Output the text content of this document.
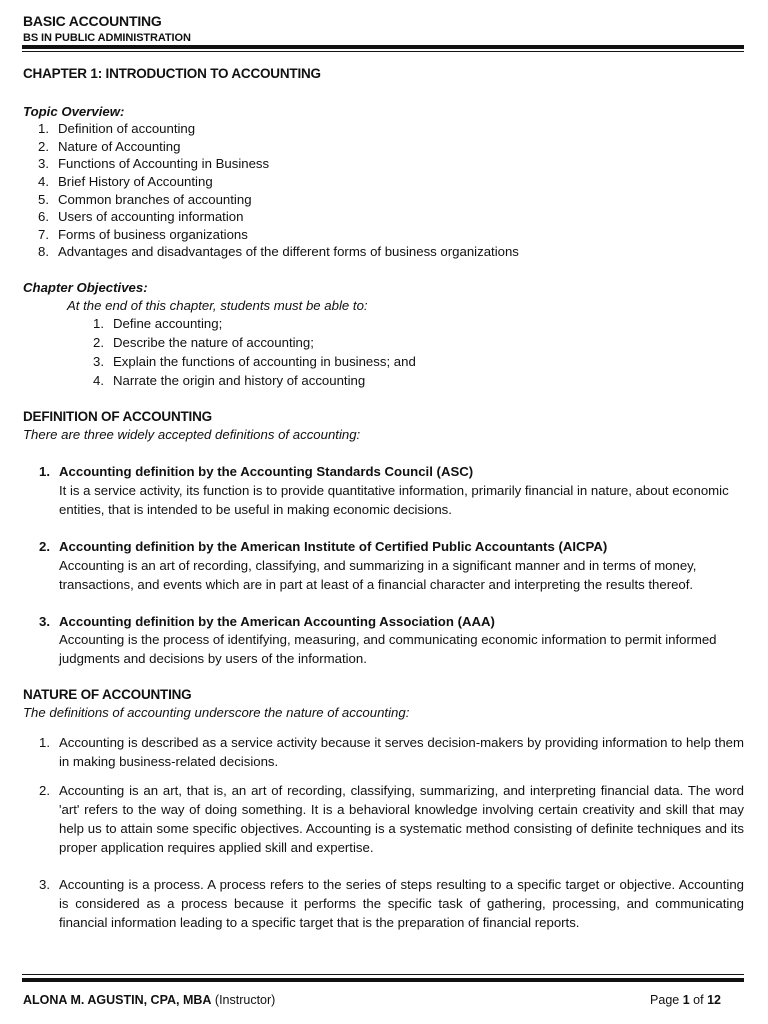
BASIC ACCOUNTING
BS IN PUBLIC ADMINISTRATION
CHAPTER 1: INTRODUCTION TO ACCOUNTING
Topic Overview:
1. Definition of accounting
2. Nature of Accounting
3. Functions of Accounting in Business
4. Brief History of Accounting
5. Common branches of accounting
6. Users of accounting information
7. Forms of business organizations
8. Advantages and disadvantages of the different forms of business organizations
Chapter Objectives:
At the end of this chapter, students must be able to:
1. Define accounting;
2. Describe the nature of accounting;
3. Explain the functions of accounting in business; and
4. Narrate the origin and history of accounting
DEFINITION OF ACCOUNTING
There are three widely accepted definitions of accounting:
1. Accounting definition by the Accounting Standards Council (ASC)
It is a service activity, its function is to provide quantitative information, primarily financial in nature, about economic entities, that is intended to be useful in making economic decisions.
2. Accounting definition by the American Institute of Certified Public Accountants (AICPA)
Accounting is an art of recording, classifying, and summarizing in a significant manner and in terms of money, transactions, and events which are in part at least of a financial character and interpreting the results thereof.
3. Accounting definition by the American Accounting Association (AAA)
Accounting is the process of identifying, measuring, and communicating economic information to permit informed judgments and decisions by users of the information.
NATURE OF ACCOUNTING
The definitions of accounting underscore the nature of accounting:
1. Accounting is described as a service activity because it serves decision-makers by providing information to help them in making business-related decisions.
2. Accounting is an art, that is, an art of recording, classifying, summarizing, and interpreting financial data. The word 'art' refers to the way of doing something. It is a behavioral knowledge involving certain creativity and skill that may help us to attain some specific objectives. Accounting is a systematic method consisting of definite techniques and its proper application requires applied skill and expertise.
3. Accounting is a process. A process refers to the series of steps resulting to a specific target or objective. Accounting is considered as a process because it performs the specific task of gathering, processing, and communicating financial information leading to a specific target that is the preparation of financial reports.
ALONA M. AGUSTIN, CPA, MBA (Instructor)	Page 1 of 12
